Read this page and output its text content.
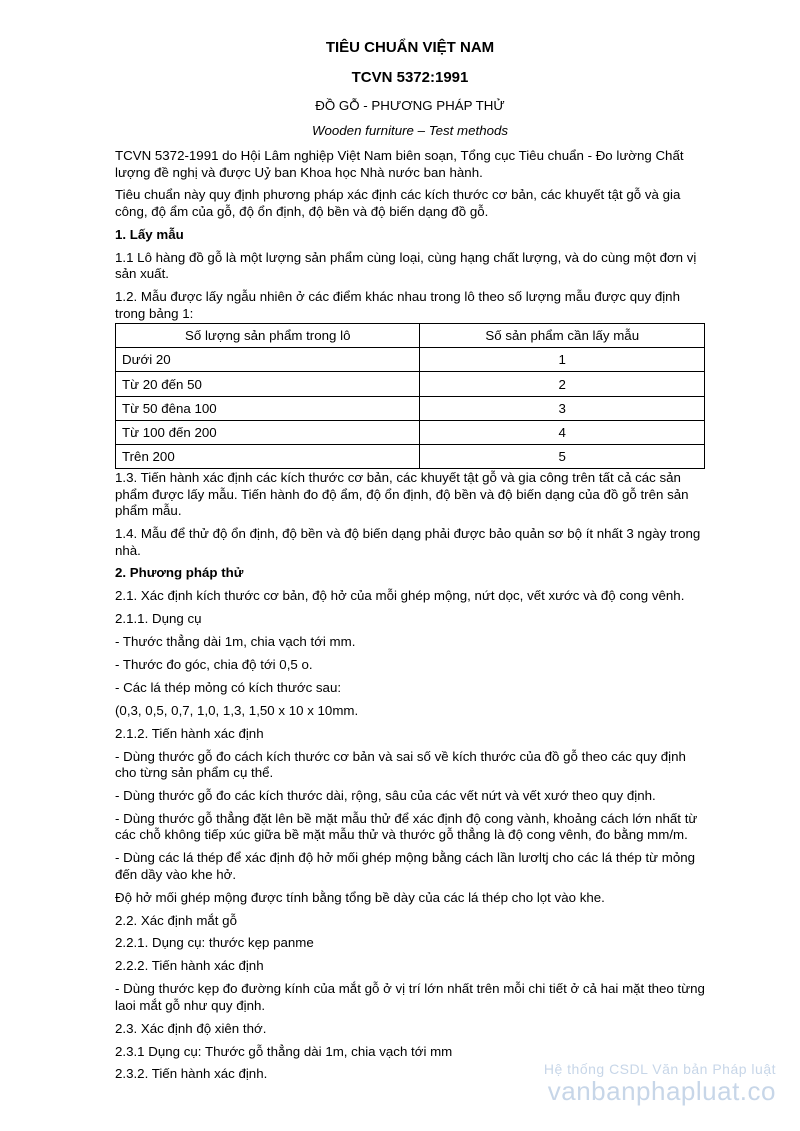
TIÊU CHUẨN VIỆT NAM
TCVN 5372:1991
ĐỒ GỖ - PHƯƠNG PHÁP THỬ
Wooden furniture – Test methods
TCVN 5372-1991 do Hội Lâm nghiệp Việt Nam biên soạn, Tổng cục Tiêu chuẩn - Đo lường Chất lượng đề nghị và được Uỷ ban Khoa học Nhà nước ban hành.
Tiêu chuẩn này quy định phương pháp xác định các kích thước cơ bản, các khuyết tật gỗ và gia công, độ ẩm của gỗ, độ ổn định, độ bền và độ biến dạng đồ gỗ.
1. Lấy mẫu
1.1 Lô hàng đồ gỗ là một lượng sản phẩm cùng loại, cùng hạng chất lượng, và do cùng một đơn vị sản xuất.
1.2. Mẫu được lấy ngẫu nhiên ở các điểm khác nhau trong lô theo số lượng mẫu được quy định trong bảng 1:
Số lượng sản phẩm trong lô	Số sản phẩm cần lấy mẫu
Dưới 20	1
Từ 20 đến 50	2
Từ 50 đêna 100	3
Từ 100 đến 200	4
Trên 200	5
1.3. Tiến hành xác định các kích thước cơ bản, các khuyết tật gỗ và gia công trên tất cả các sản phẩm được lấy mẫu. Tiến hành đo độ ẩm, độ ổn định, độ bền và độ biến dạng của đồ gỗ trên sản phẩm mẫu.
1.4. Mẫu để thử độ ổn định, độ bền và độ biến dạng phải được bảo quản sơ bộ ít nhất 3 ngày trong nhà.
2. Phương pháp thử
2.1. Xác định kích thước cơ bản, độ hở của mỗi ghép mộng, nứt dọc, vết xước và độ cong vênh.
2.1.1. Dụng cụ
- Thước thẳng dài 1m, chia vạch tới mm.
- Thước đo góc, chia độ tới 0,5 o.
- Các lá thép mỏng có kích thước sau:
(0,3, 0,5, 0,7, 1,0, 1,3, 1,50 x 10 x 10mm.
2.1.2. Tiến hành xác định
- Dùng thước gỗ đo cách kích thước cơ bản và sai số về kích thước của đồ gỗ theo các quy định cho từng sản phẩm cụ thể.
- Dùng thước gỗ đo các kích thước dài, rộng, sâu của các vết nứt và vết xướ theo quy định.
- Dùng thước gỗ thẳng đặt lên bề mặt mẫu thử để xác định độ cong vành, khoảng cách lớn nhất từ các chỗ không tiếp xúc giữa bề mặt mẫu thử và thước gỗ thẳng là độ cong vênh, đo bằng mm/m.
- Dùng các lá thép để xác định độ hở mối ghép mộng bằng cách lần lươltj cho các lá thép từ mỏng đến dầy vào khe hở.
Độ hở mối ghép mộng được tính bằng tổng bề dày của các lá thép cho lọt vào khe.
2.2. Xác định mắt gỗ
2.2.1. Dụng cụ: thước kẹp panme
2.2.2. Tiến hành xác định
- Dùng thước kẹp đo đường kính của mắt gỗ ở vị trí lớn nhất trên mỗi chi tiết ở cả hai mặt theo từng laoi mắt gỗ như quy định.
2.3. Xác định độ xiên thớ.
2.3.1 Dụng cụ: Thước gỗ thẳng dài 1m, chia vạch tới mm
2.3.2. Tiến hành xác định.	Hệ thống CSDL Văn bản Pháp luật
vanbanphapluat.co
